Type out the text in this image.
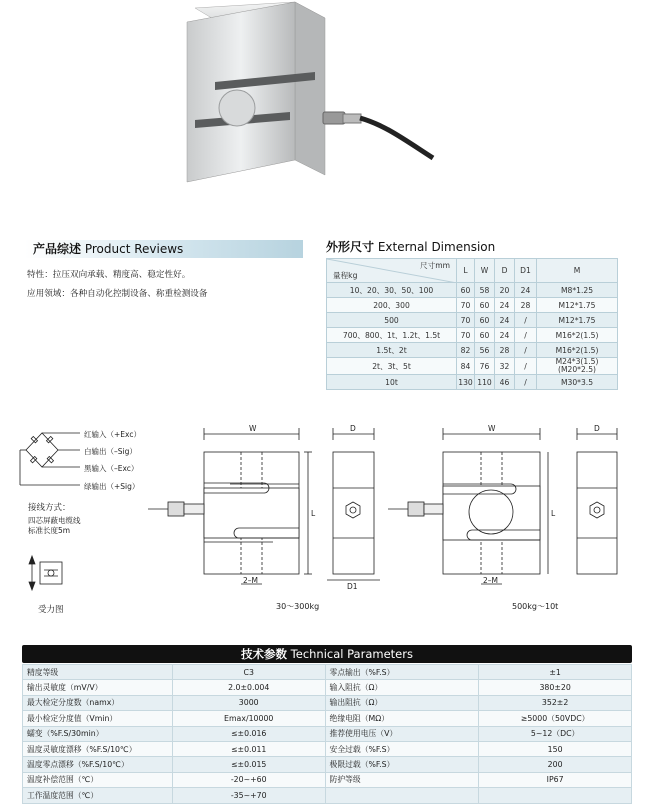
产品综述 Product Reviews
特性：拉压双向承载、精度高、稳定性好。
应用领域：各种自动化控制设备、称重检测设备
外形尺寸 External Dimension
尺寸mm
量程kg	L	W	D	D1	M
10、20、30、50、100	60	58	20	24	M8*1.25
200、300	70	60	24	28	M12*1.75
500	70	60	24	/	M12*1.75
700、800、1t、1.2t、1.5t	70	60	24	/	M16*2(1.5)
1.5t、2t	82	56	28	/	M16*2(1.5)
2t、3t、5t	84	76	32	/	M24*3(1.5)
(M20*2.5)

10t	130	110	46	/	M30*3.5
红输入（+Exc）
白输出（–Sig）
黑输入（–Exc）
绿输出（+Sig）
接线方式：
四芯屏蔽电缆线
标准长度5m
受力图
W	D
L
2–M
D1
30～300kg
W	D
L
2–M
500kg～10t
技术参数 Technical Parameters
精度等级	C3	零点输出（%F.S）	±1
输出灵敏度（mV/V）	2.0±0.004	输入阻抗（Ω）	380±20
最大检定分度数（namx）	3000	输出阻抗（Ω）	352±2
最小检定分度值（Vmin）	Emax/10000	绝缘电阻（MΩ）	≥5000（50VDC）
蠕变（%F.S/30min）	≤±0.016	推荐使用电压（V）	5~12（DC）
温度灵敏度漂移（%F.S/10℃）	≤±0.011	安全过载（%F.S）	150
温度零点漂移（%F.S/10℃）	≤±0.015	极限过载（%F.S）	200
温度补偿范围（℃）	-20~+60	防护等级	IP67
工作温度范围（℃）	-35~+70		
